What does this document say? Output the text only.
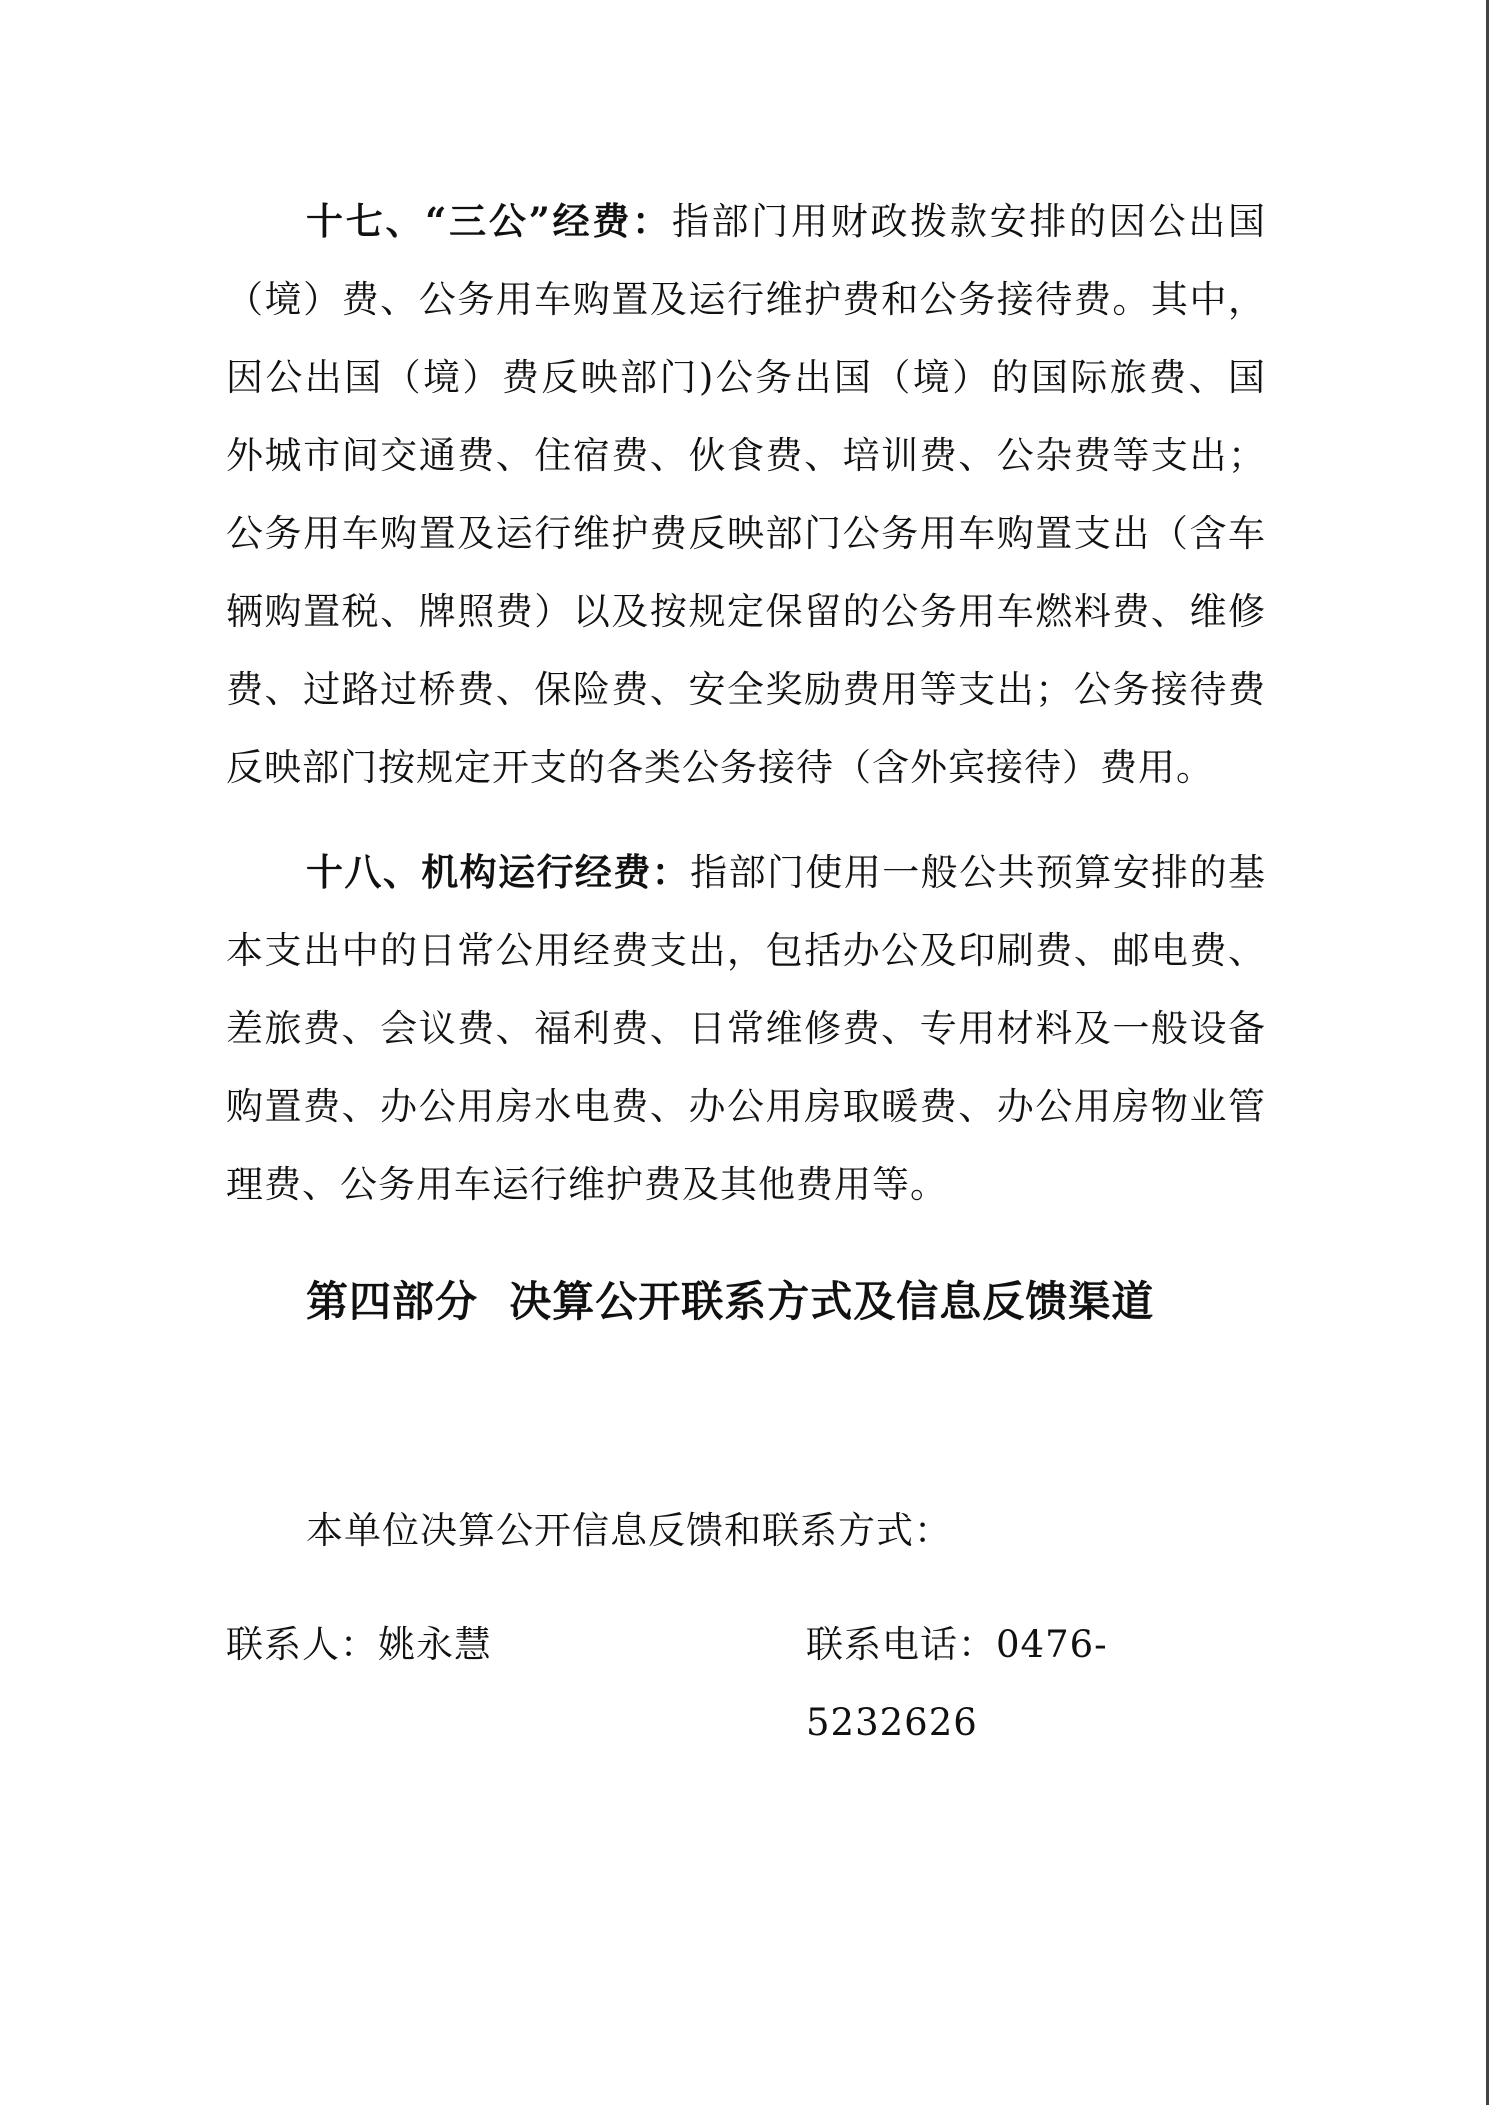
十七、“三公”经费：指部门用财政拨款安排的因公出国（境）费、公务用车购置及运行维护费和公务接待费。其中，因公出国（境）费反映部门)公务出国（境）的国际旅费、国外城市间交通费、住宿费、伙食费、培训费、公杂费等支出；公务用车购置及运行维护费反映部门公务用车购置支出（含车辆购置税、牌照费）以及按规定保留的公务用车燃料费、维修费、过路过桥费、保险费、安全奖励费用等支出；公务接待费反映部门按规定开支的各类公务接待（含外宾接待）费用。

十八、机构运行经费：指部门使用一般公共预算安排的基本支出中的日常公用经费支出，包括办公及印刷费、邮电费、差旅费、会议费、福利费、日常维修费、专用材料及一般设备购置费、办公用房水电费、办公用房取暖费、办公用房物业管理费、公务用车运行维护费及其他费用等。

第四部分  决算公开联系方式及信息反馈渠道
本单位决算公开信息反馈和联系方式：
联系人：姚永慧	联系电话：0476-5232626
